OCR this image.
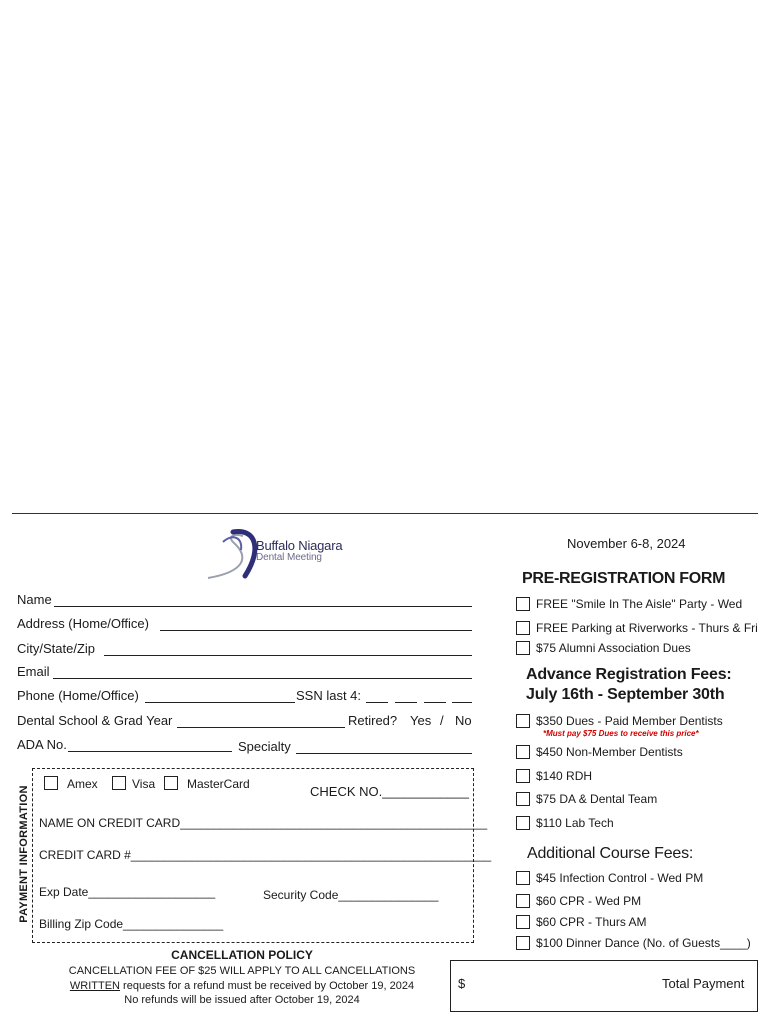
Buffalo Niagara
Dental Meeting
November 6-8, 2024
PRE-REGISTRATION FORM
Name
Address (Home/Office)
City/State/Zip
Email
Phone (Home/Office)	SSN last 4:
Dental School & Grad Year	Retired? Yes / No
ADA No.	Specialty
FREE "Smile In The Aisle" Party - Wed
FREE Parking at Riverworks - Thurs & Fri
$75 Alumni Association Dues
Advance Registration Fees:
July 16th - September 30th
$350 Dues - Paid Member Dentists
*Must pay $75 Dues to receive this price*
$450 Non-Member Dentists
$140 RDH
$75 DA & Dental Team
$110 Lab Tech
Additional Course Fees:
$45 Infection Control - Wed PM
$60 CPR - Wed PM
$60 CPR - Thurs AM
$100 Dinner Dance (No. of Guests____)
PAYMENT INFORMATION
Amex	Visa	MasterCard	CHECK NO.____________
NAME ON CREDIT CARD______________________________________________
CREDIT CARD #______________________________________________________
Exp Date___________________	Security Code_______________
Billing Zip Code_______________
CANCELLATION POLICY
CANCELLATION FEE OF $25 WILL APPLY TO ALL CANCELLATIONS
WRITTEN requests for a refund must be received by October 19, 2024
No refunds will be issued after October 19, 2024
$	Total Payment
